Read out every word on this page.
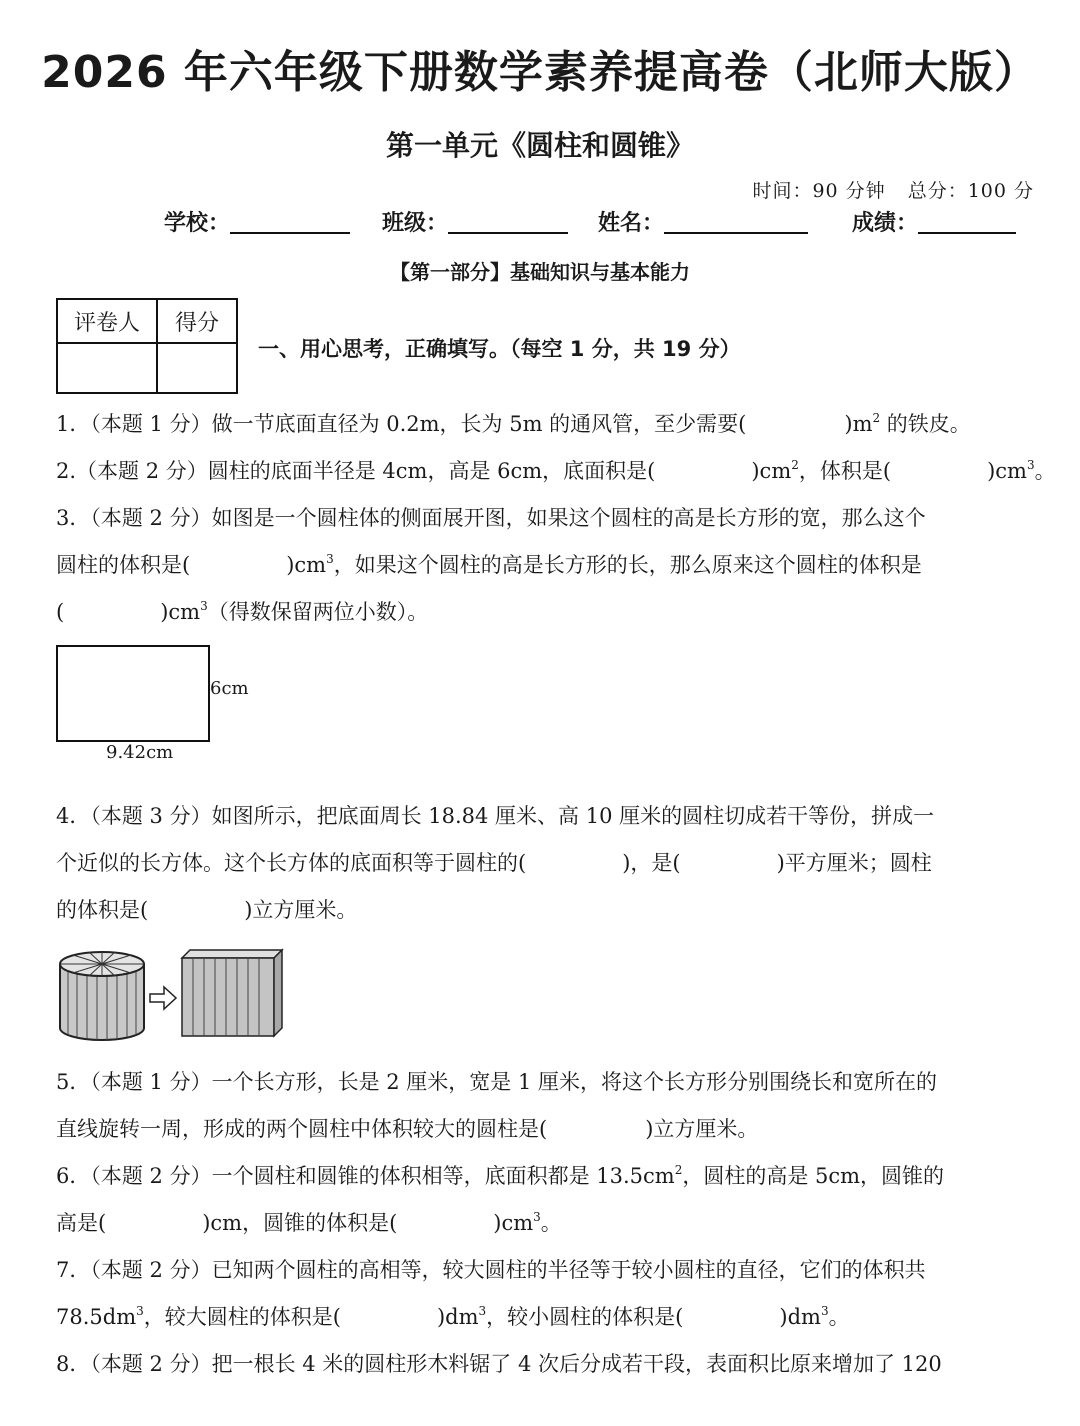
2026 年六年级下册数学素养提高卷（北师大版）
第一单元《圆柱和圆锥》
时间：90 分钟 总分：100 分
学校：	班级：	姓名：	成绩：
【第一部分】基础知识与基本能力
评卷人	得分

一、用心思考，正确填写。（每空 1 分，共 19 分）
1．（本题 1 分）做一节底面直径为 0.2m，长为 5m 的通风管，至少需要(	)$m^2$ 的铁皮。
2.（本题 2 分）圆柱的底面半径是 4cm，高是 6cm，底面积是(	)$cm^2$，体积是(	)$cm^3$。
3．（本题 2 分）如图是一个圆柱体的侧面展开图，如果这个圆柱的高是长方形的宽，那么这个
圆柱的体积是(	)$cm^3$，如果这个圆柱的高是长方形的长，那么原来这个圆柱的体积是
(	)$cm^3$（得数保留两位小数）。
6cm
9.42cm
4．（本题 3 分）如图所示，把底面周长 18.84 厘米、高 10 厘米的圆柱切成若干等份，拼成一
个近似的长方体。这个长方体的底面积等于圆柱的(	)，是(	)平方厘米；圆柱
的体积是(	)立方厘米。
5．（本题 1 分）一个长方形，长是 2 厘米，宽是 1 厘米，将这个长方形分别围绕长和宽所在的
直线旋转一周，形成的两个圆柱中体积较大的圆柱是(	)立方厘米。
6．（本题 2 分）一个圆柱和圆锥的体积相等，底面积都是 $13.5cm^2$，圆柱的高是 5cm，圆锥的
高是(	)cm，圆锥的体积是(	)$cm^3$。
7．（本题 2 分）已知两个圆柱的高相等，较大圆柱的半径等于较小圆柱的直径，它们的体积共
$78.5dm^3$，较大圆柱的体积是(	)$dm^3$，较小圆柱的体积是(	)$dm^3$。
8．（本题 2 分）把一根长 4 米的圆柱形木料锯了 4 次后分成若干段，表面积比原来增加了 120
